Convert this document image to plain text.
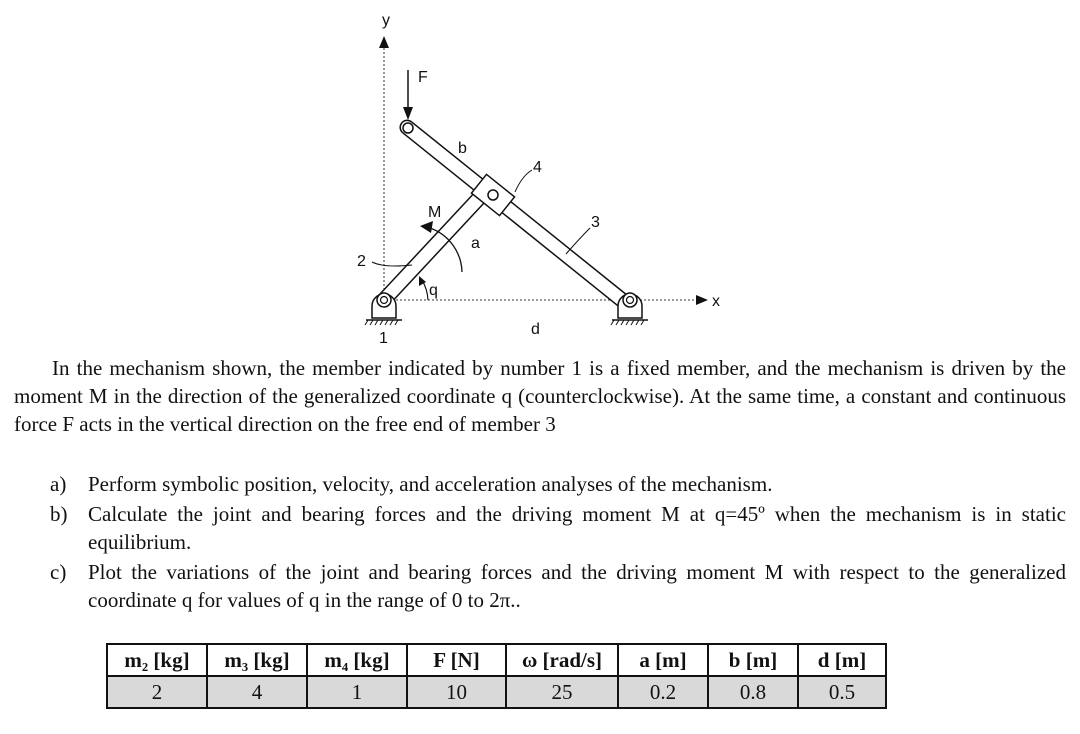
y
x
F
M
q
b
a
d
4
3
2
1
In the mechanism shown, the member indicated by number 1 is a fixed member, and the mechanism is driven by the moment M in the direction of the generalized coordinate q (counterclockwise). At the same time, a constant and continuous force F acts in the vertical direction on the free end of member 3
a) Perform symbolic position, velocity, and acceleration analyses of the mechanism.
b) Calculate the joint and bearing forces and the driving moment M at q=45º when the mechanism is in static equilibrium.
c) Plot the variations of the joint and bearing forces and the driving moment M with respect to the generalized coordinate q for values of q in the range of 0 to 2π..
m₂ [kg]	m₃ [kg]	m₄ [kg]	F [N]	ω [rad/s]	a [m]	b [m]	d [m]
2	4	1	10	25	0.2	0.8	0.5
